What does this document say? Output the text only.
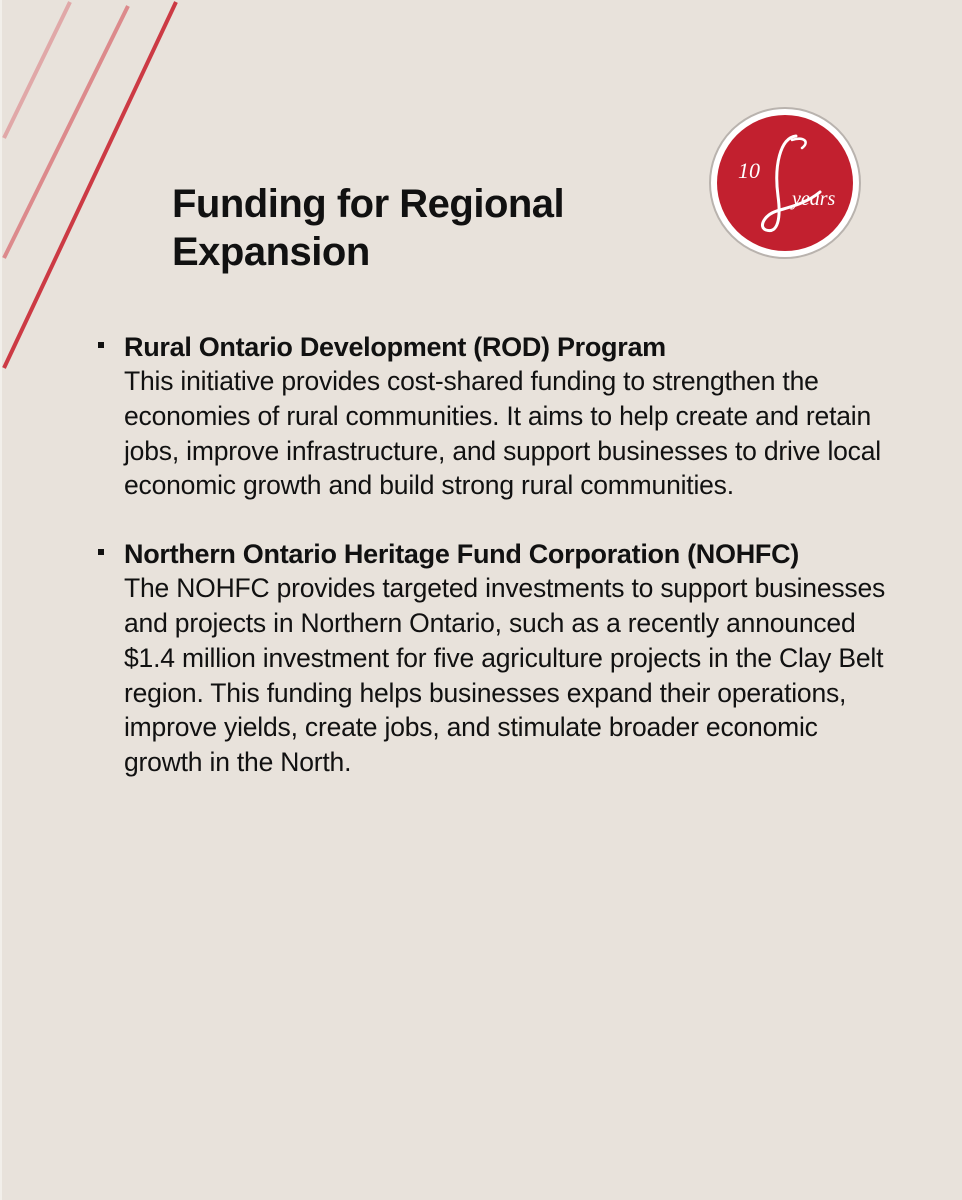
Funding for Regional Expansion
10
years
Rural Ontario Development (ROD) Program
This initiative provides cost-shared funding to strengthen the economies of rural communities. It aims to help create and retain jobs, improve infrastructure, and support businesses to drive local economic growth and build strong rural communities.
Northern Ontario Heritage Fund Corporation (NOHFC)
The NOHFC provides targeted investments to support businesses and projects in Northern Ontario, such as a recently announced $1.4 million investment for five agriculture projects in the Clay Belt region. This funding helps businesses expand their operations, improve yields, create jobs, and stimulate broader economic growth in the North.
